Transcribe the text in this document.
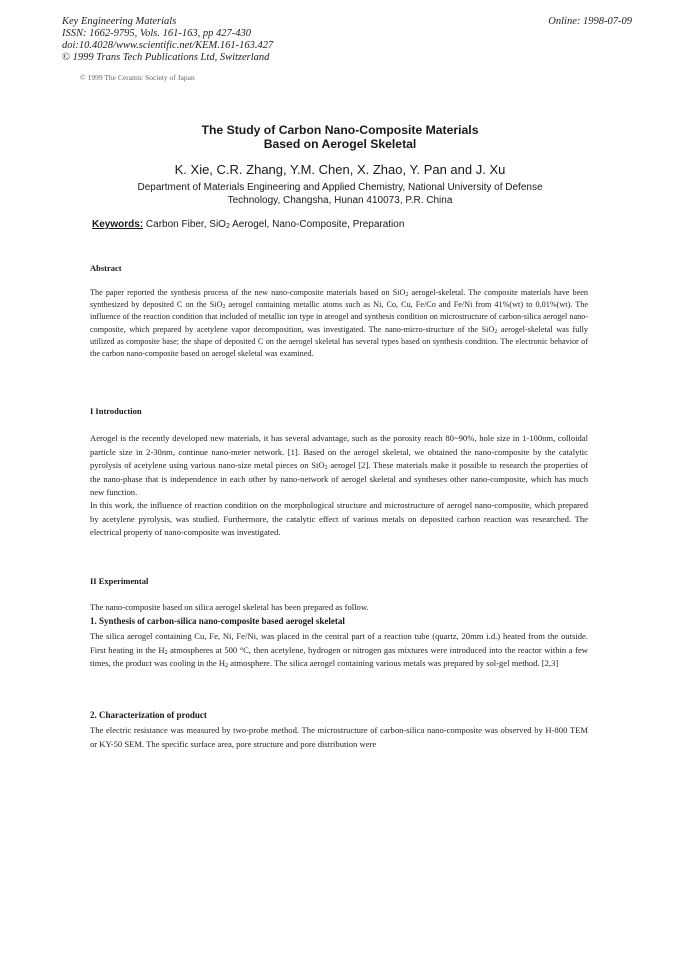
Key Engineering Materials
ISSN: 1662-9795, Vols. 161-163, pp 427-430
doi:10.4028/www.scientific.net/KEM.161-163.427
© 1999 Trans Tech Publications Ltd, Switzerland
Online: 1998-07-09
© 1999 The Ceramic Society of Japan
The Study of Carbon Nano-Composite Materials
Based on Aerogel Skeletal
K. Xie, C.R. Zhang, Y.M. Chen, X. Zhao, Y. Pan and J. Xu
Department of Materials Engineering and Applied Chemistry, National University of Defense
Technology, Changsha, Hunan 410073, P.R. China
Keywords: Carbon Fiber, SiO$_2$ Aerogel, Nano-Composite, Preparation
Abstract
The paper reported the synthesis process of the new nano-composite materials based on SiO$_2$ aerogel-skeletal. The composite materials have been synthesized by deposited C on the SiO$_2$ aerogel containing metallic atoms such as Ni, Co, Cu, Fe/Co and Fe/Ni from 41%(wt) to 0.01%(wt). The influence of the reaction condition that included of metallic ion type in areogel and synthesis condition on microstructure of carbon-silica aerogel nano-composite, which prepared by acetylene vapor decomposition, was investigated. The nano-micro-structure of the SiO$_2$ aerogel-skeletal was fully utilized as composite base; the shape of deposited C on the aerogel skeletal has several types based on synthesis condition. The electronic behavior of the carbon nano-composite based on aerogel skeletal was examined.
I Introduction
Aerogel is the recently developed new materials, it has several advantage, such as the porosity reach 80~90%, hole size in 1-100nm, colloidal particle size in 2-30nm, continue nano-meter network. [1]. Based on the aerogel skeletal, we obtained the nano-composite by the catalytic pyrolysis of acetylene using various nano-size metal pieces on SiO$_2$ aerogel [2]. These materials make it possible to research the properties of the nano-phase that is independence in each other by nano-network of aerogel skeletal and syntheses other nano-composite, which has much new function.
In this work, the influence of reaction condition on the morphological structure and microstructure of aerogel nano-composite, which prepared by acetylene pyrolysis, was studied. Furthermore, the catalytic effect of various metals on deposited carbon reaction was researched. The electrical property of nano-composite was investigated.
II Experimental
The nano-composite based on silica aerogel skeletal has been prepared as follow.
1. Synthesis of carbon-silica nano-composite based aerogel skeletal
The silica aerogel containing Cu, Fe, Ni, Fe/Ni, was placed in the central part of a reaction tube (quartz, 20mm i.d.) heated from the outside. First heating in the $H_2$ atmospheres at 500 °C, then acetylene, hydrogen or nitrogen gas mixtures were introduced into the reactor within a few times, the product was cooling in the $H_2$ atmosphere. The silica aerogel containing various metals was prepared by sol-gel method. [2,3]
2. Characterization of product
The electric resistance was measured by two-probe method. The microstructure of carbon-silica nano-composite was observed by H-800 TEM or KY-50 SEM. The specific surface area, pore structure and pore distribution were
